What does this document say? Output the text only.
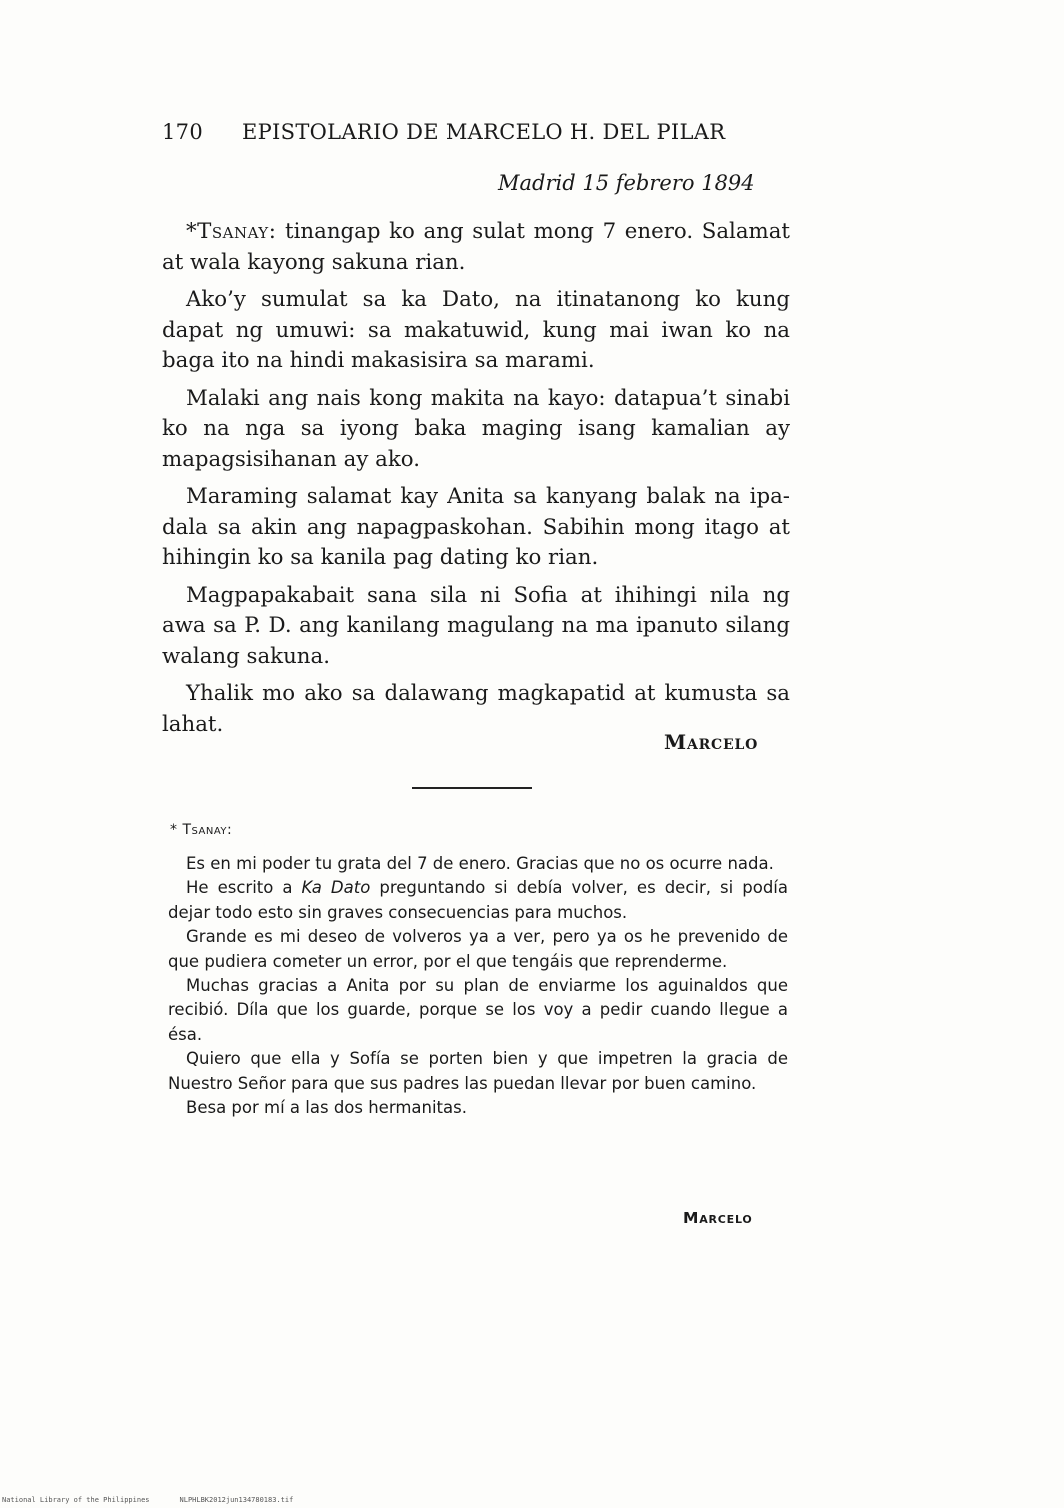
170 EPISTOLARIO DE MARCELO H. DEL PILAR
Madrid 15 febrero 1894

*Tsanay: tinangap ko ang sulat mong 7 enero. Salamat at wala kayong sakuna rian.

Ako’y sumulat sa ka Dato, na itinatanong ko kung dapat ng umuwi: sa makatuwid, kung mai iwan ko na baga ito na hindi makasisira sa marami.

Malaki ang nais kong makita na kayo: datapua’t sinabi ko na nga sa iyong baka maging isang kamalian ay mapagsisihanan ay ako.

Maraming salamat kay Anita sa kanyang balak na ipadala sa akin ang napagpaskohan. Sabihin mong itago at hihingin ko sa kanila pag dating ko rian.

Magpapakabait sana sila ni Sofia at ihihingi nila ng awa sa P. D. ang kanilang magulang na ma ipanuto silang walang sakuna.

Yhalik mo ako sa dalawang magkapatid at kumusta sa lahat.

Marcelo
* Tsanay:

Es en mi poder tu grata del 7 de enero. Gracias que no os ocurre nada.

He escrito a Ka Dato preguntando si debía volver, es decir, si podía dejar todo esto sin graves consecuencias para muchos.

Grande es mi deseo de volveros ya a ver, pero ya os he prevenido de que pudiera cometer un error, por el que tengáis que reprenderme.

Muchas gracias a Anita por su plan de enviarme los aguinaldos que recibió. Díla que los guarde, porque se los voy a pedir cuando llegue a ésa.

Quiero que ella y Sofía se porten bien y que impetren la gracia de Nuestro Señor para que sus padres las puedan llevar por buen camino.

Besa por mí a las dos hermanitas.

Marcelo
National Library of the Philippines	NLPHLBK2012jun134780183.tif
